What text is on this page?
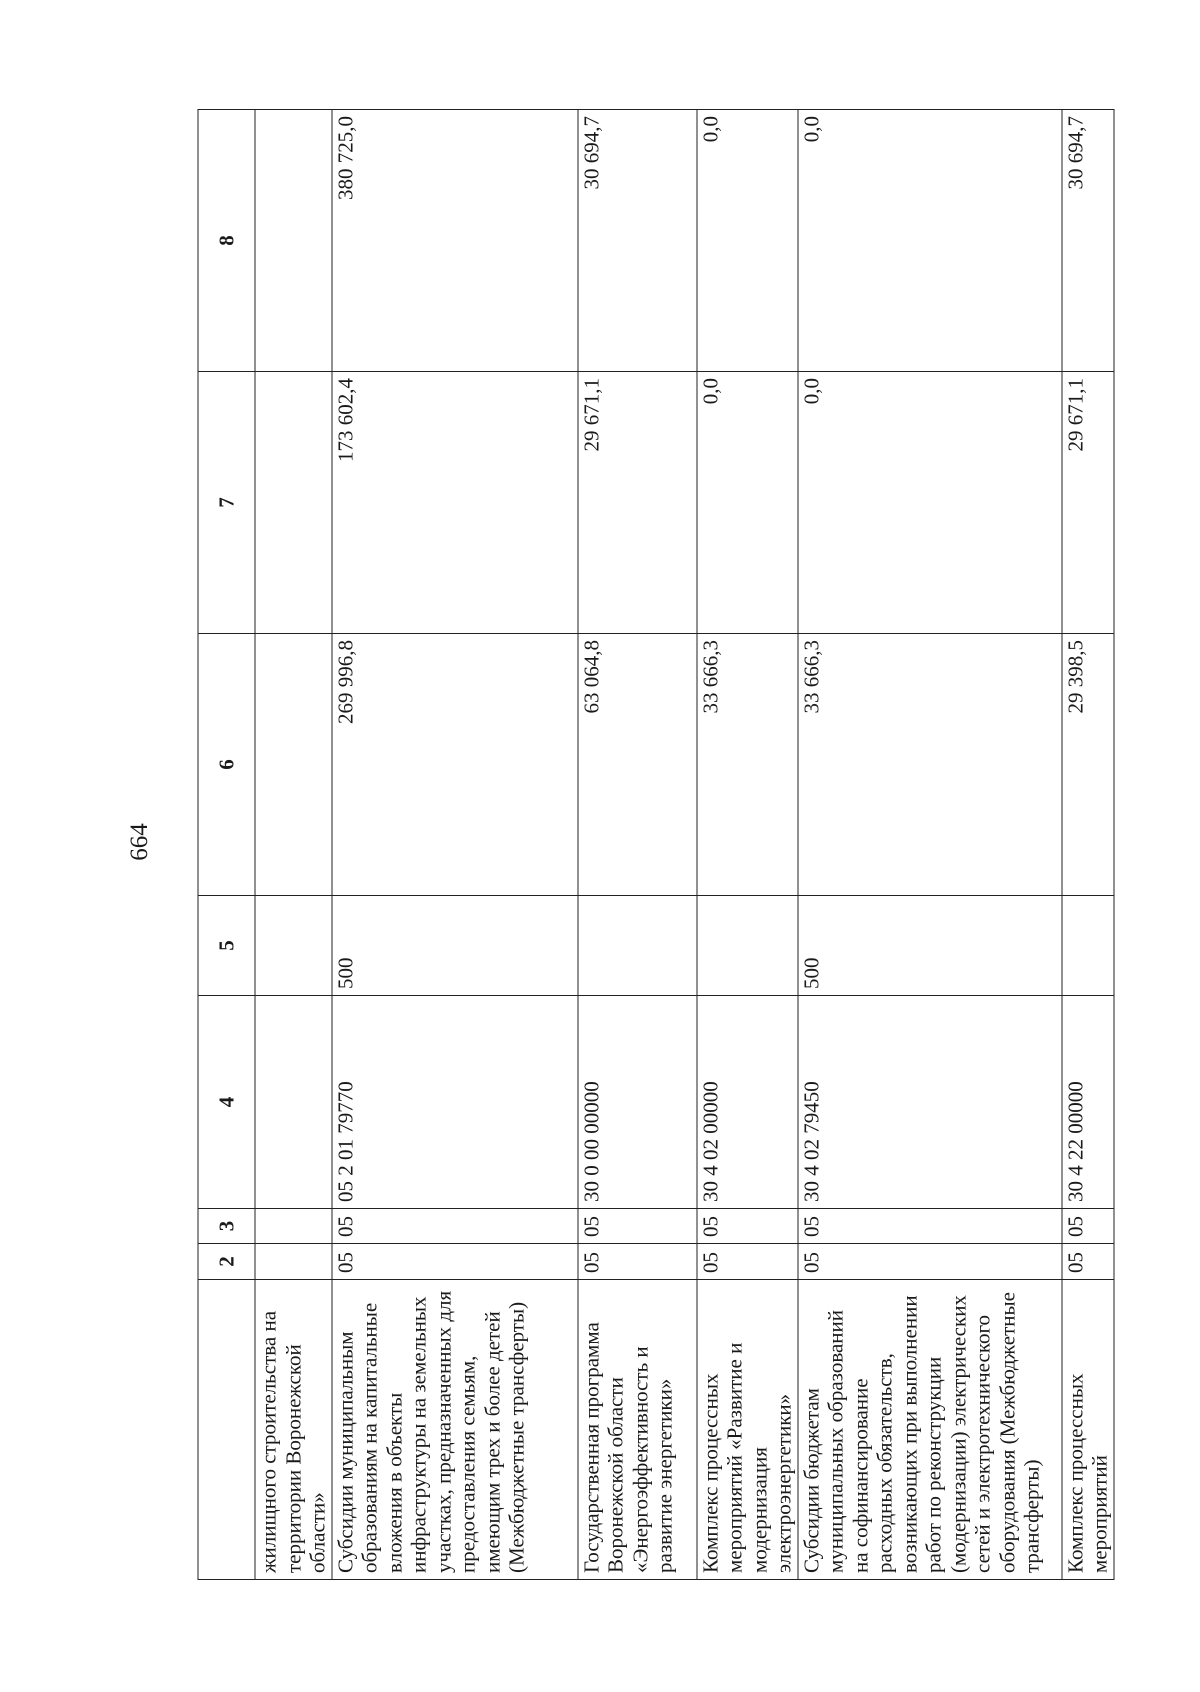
664
	2	3	4	5	6	7	8
жилищного строительства на территории Воронежской области»							
Субсидии муниципальным образованиям на капитальные вложения в объекты инфраструктуры на земельных участках, предназначенных для предоставления семьям, имеющим трех и более детей (Межбюджетные трансферты)	05	05	05 2 01 79770	500	269 996,8	173 602,4	380 725,0
Государственная программа Воронежской области «Энергоэффективность и развитие энергетики»	05	05	30 0 00 00000		63 064,8	29 671,1	30 694,7
Комплекс процессных мероприятий «Развитие и модернизация электроэнергетики»	05	05	30 4 02 00000		33 666,3	0,0	0,0
Субсидии бюджетам муниципальных образований на софинансирование расходных обязательств, возникающих при выполнении работ по реконструкции (модернизации) электрических сетей и электротехнического оборудования (Межбюджетные трансферты)	05	05	30 4 02 79450	500	33 666,3	0,0	0,0
Комплекс процессных мероприятий	05	05	30 4 22 00000		29 398,5	29 671,1	30 694,7
